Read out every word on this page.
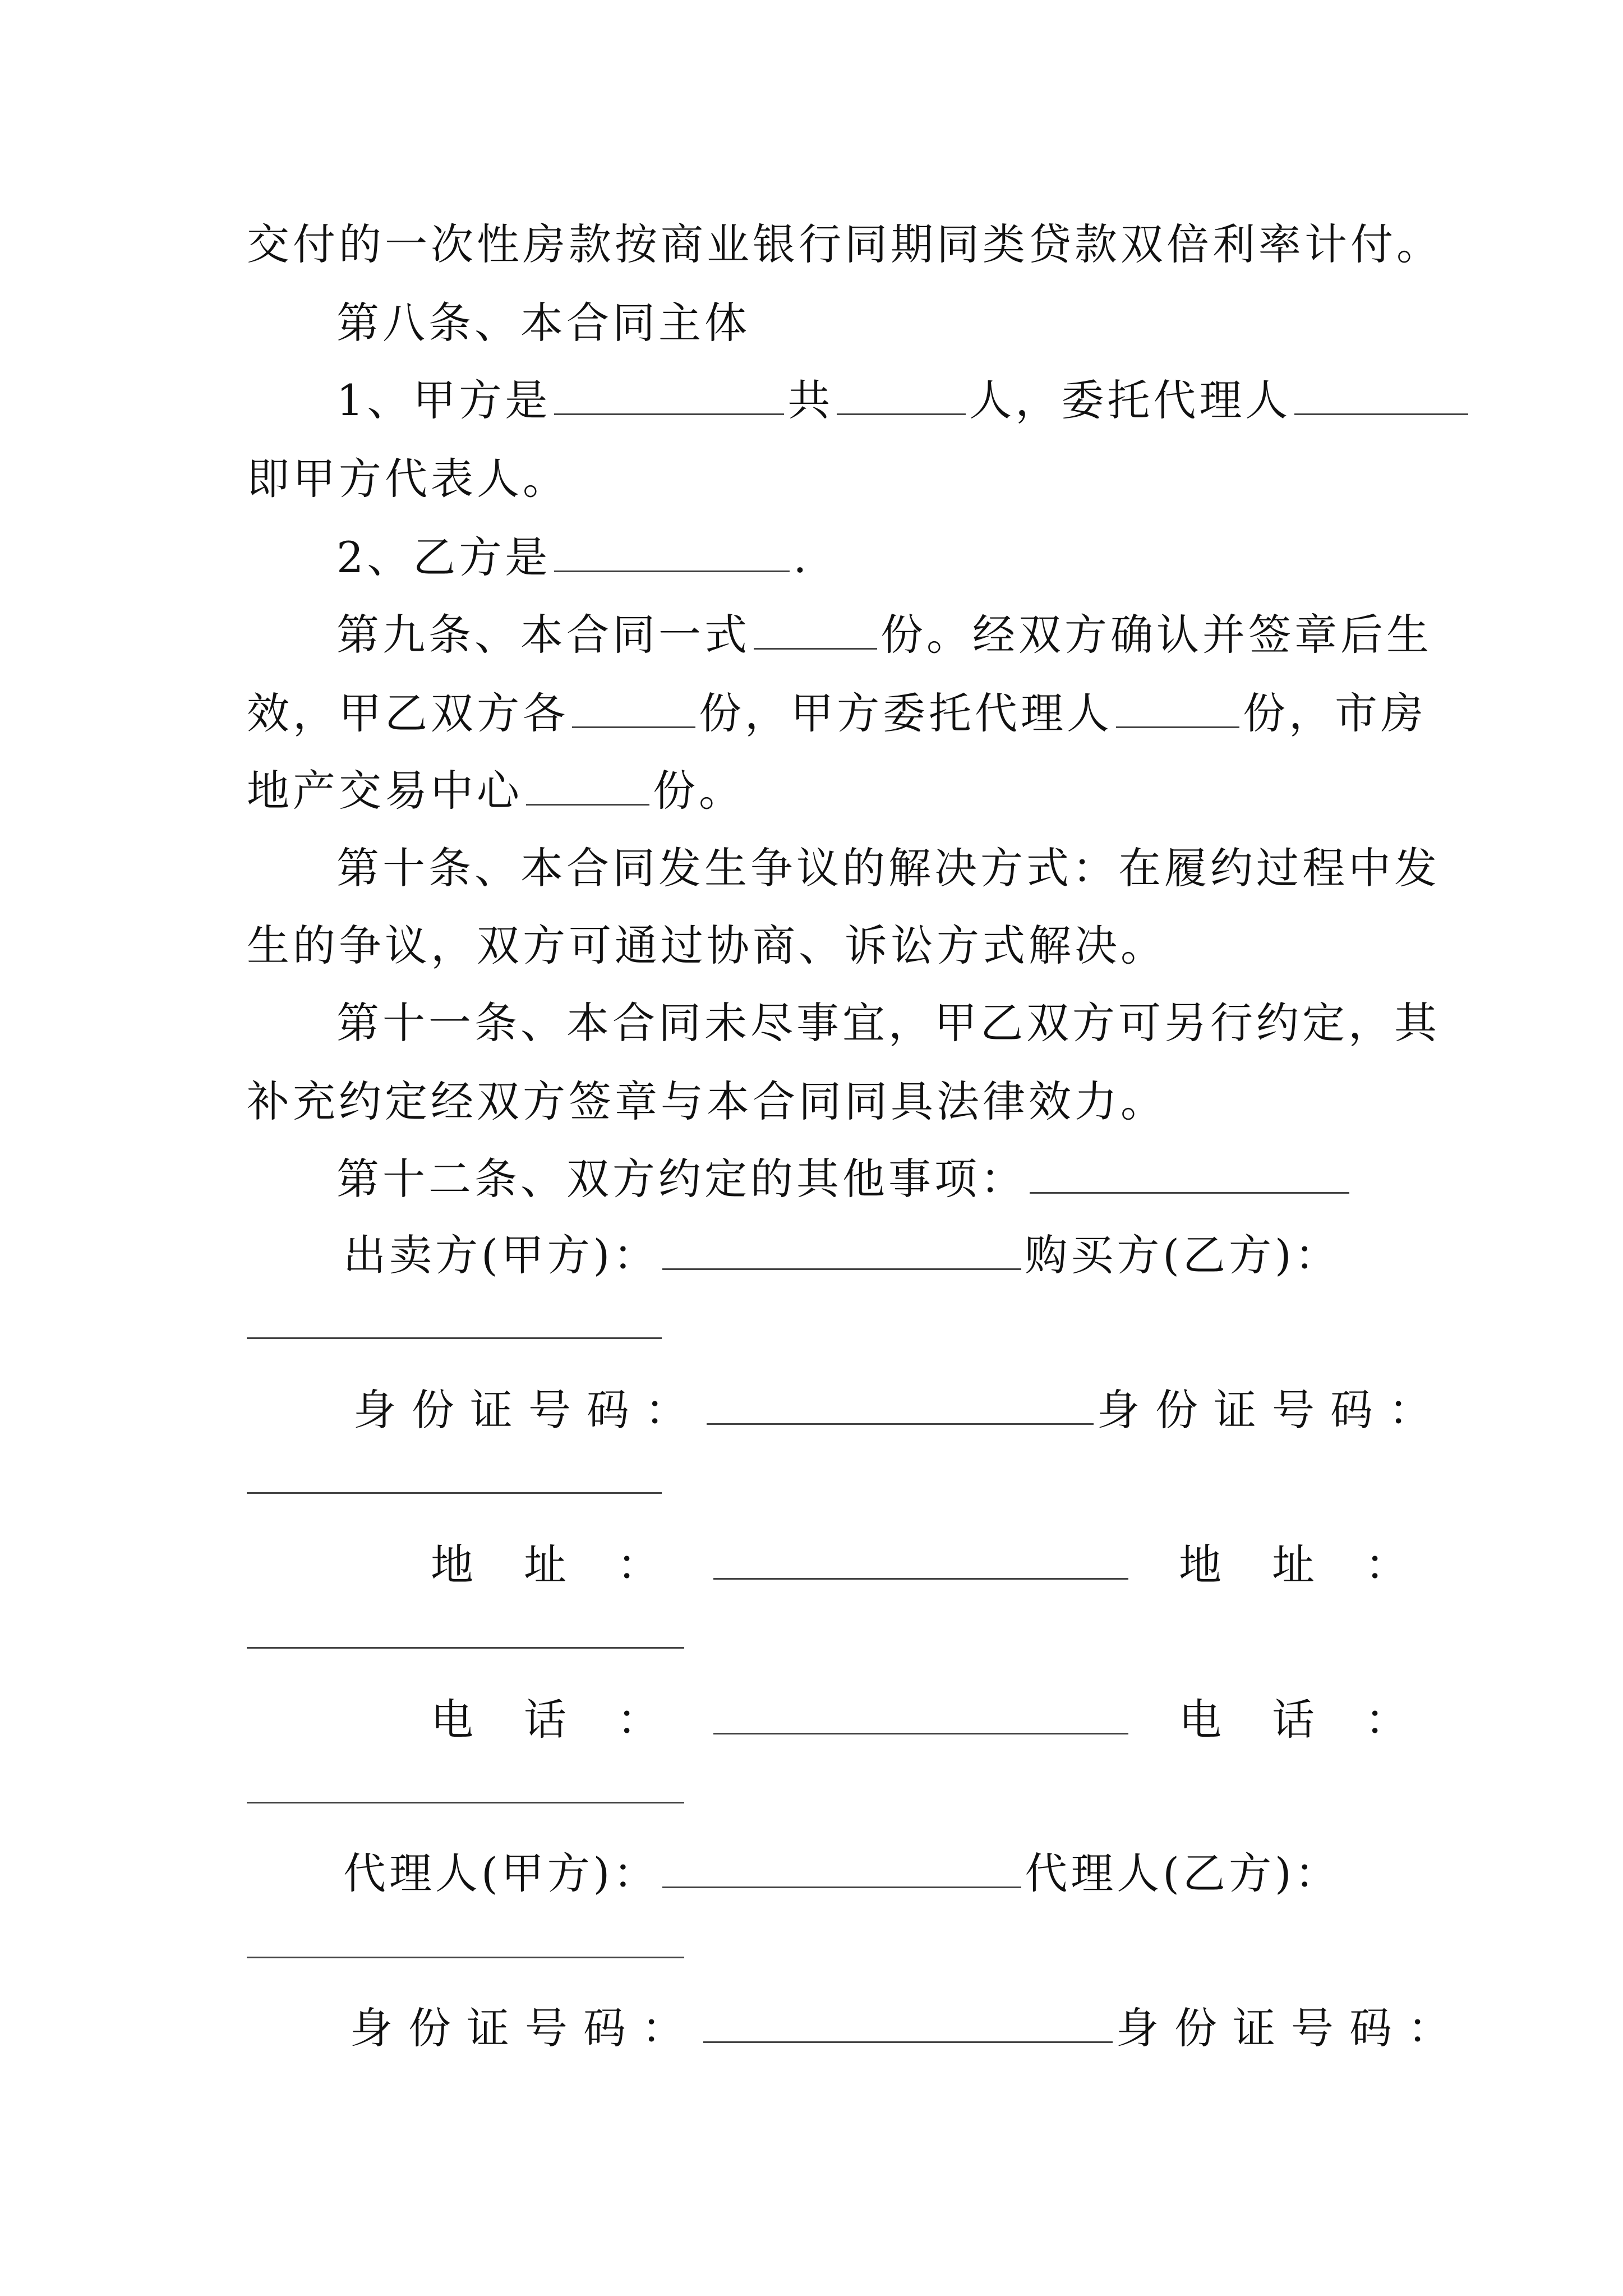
交付的一次性房款按商业银行同期同类贷款双倍利率计付。
第八条、本合同主体
1、甲方是	共	人，委托代理人
即甲方代表人。
2、乙方是	.
第九条、本合同一式	份。经双方确认并签章后生
效，甲乙双方各	份，甲方委托代理人	份，市房
地产交易中心	份。
第十条、本合同发生争议的解决方式：在履约过程中发
生的争议，双方可通过协商、诉讼方式解决。
第十一条、本合同未尽事宜，甲乙双方可另行约定，其
补充约定经双方签章与本合同同具法律效力。
第十二条、双方约定的其他事项：
出卖方(甲方)：	购买方(乙方)：
身份证号码：	身份证号码：
地址：	地址：
电话：	电话：
代理人(甲方)：	代理人(乙方)：
身份证号码：	身份证号码：
